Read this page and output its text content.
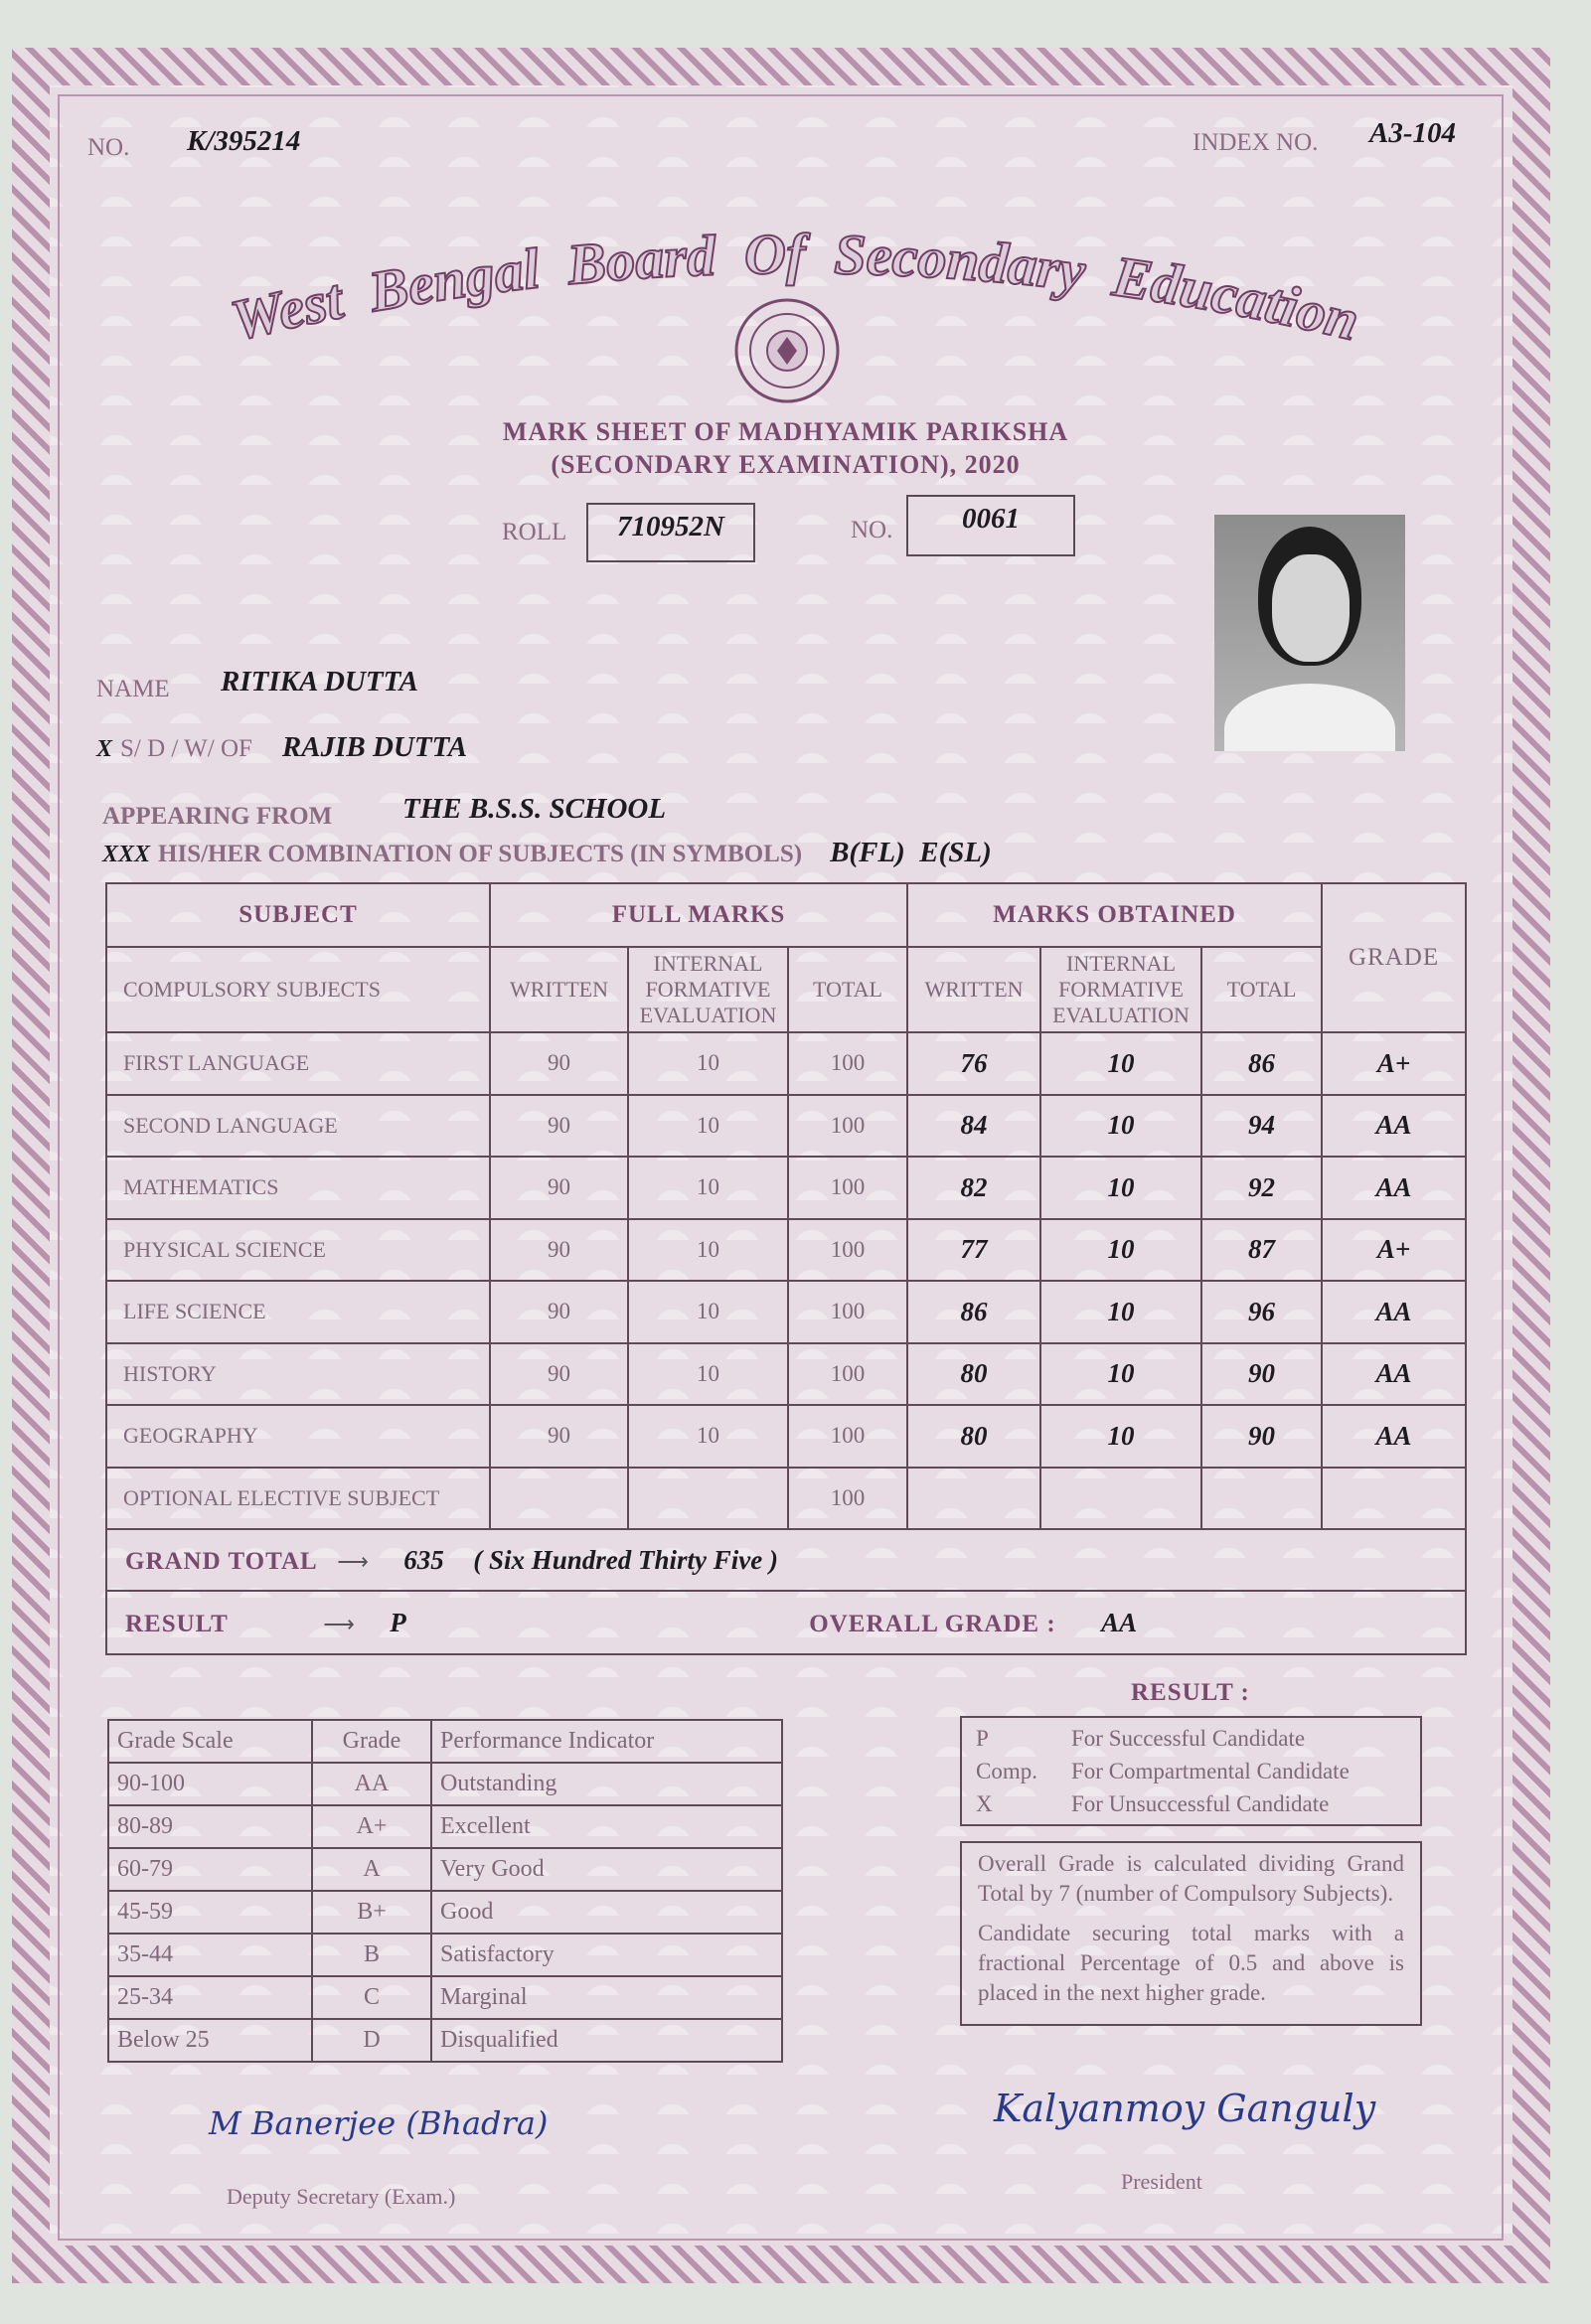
NO. K/395214	INDEX NO. A3-104
West Bengal Board Of Secondary Education
MARK SHEET OF MADHYAMIK PARIKSHA
(SECONDARY EXAMINATION), 2020
ROLL	710952N	NO.	0061
NAME RITIKA DUTTA
X S/ D / W/ OF RAJIB DUTTA
APPEARING FROM THE B.S.S. SCHOOL
XXX HIS/HER COMBINATION OF SUBJECTS (IN SYMBOLS) B(FL)  E(SL)
SUBJECT	FULL MARKS			MARKS OBTAINED			GRADE
COMPULSORY SUBJECTS	WRITTEN	INTERNAL FORMATIVE EVALUATION	TOTAL	WRITTEN	INTERNAL FORMATIVE EVALUATION	TOTAL	
FIRST LANGUAGE	90	10	100	76	10	86	A+
SECOND LANGUAGE	90	10	100	84	10	94	AA
MATHEMATICS	90	10	100	82	10	92	AA
PHYSICAL SCIENCE	90	10	100	77	10	87	A+
LIFE SCIENCE	90	10	100	86	10	96	AA
HISTORY	90	10	100	80	10	90	AA
GEOGRAPHY	90	10	100	80	10	90	AA
OPTIONAL ELECTIVE SUBJECT			100				
GRAND TOTAL ⟶ 635 ( Six Hundred Thirty Five )							
RESULT ⟶ P OVERALL GRADE : AA							
Grade Scale	Grade	Performance Indicator
90-100	AA	Outstanding
80-89	A+	Excellent
60-79	A	Very Good
45-59	B+	Good
35-44	B	Satisfactory
25-34	C	Marginal
Below 25	D	Disqualified
RESULT :
P	For Successful Candidate
Comp. For Compartmental Candidate
X	For Unsuccessful Candidate

Overall Grade is calculated dividing Grand Total by 7 (number of Compulsory Subjects).

Candidate securing total marks with a fractional Percentage of 0.5 and above is placed in the next higher grade.

M Banerjee (Bhadra)
Deputy Secretary (Exam.)
Kalyanmoy Ganguly
President
